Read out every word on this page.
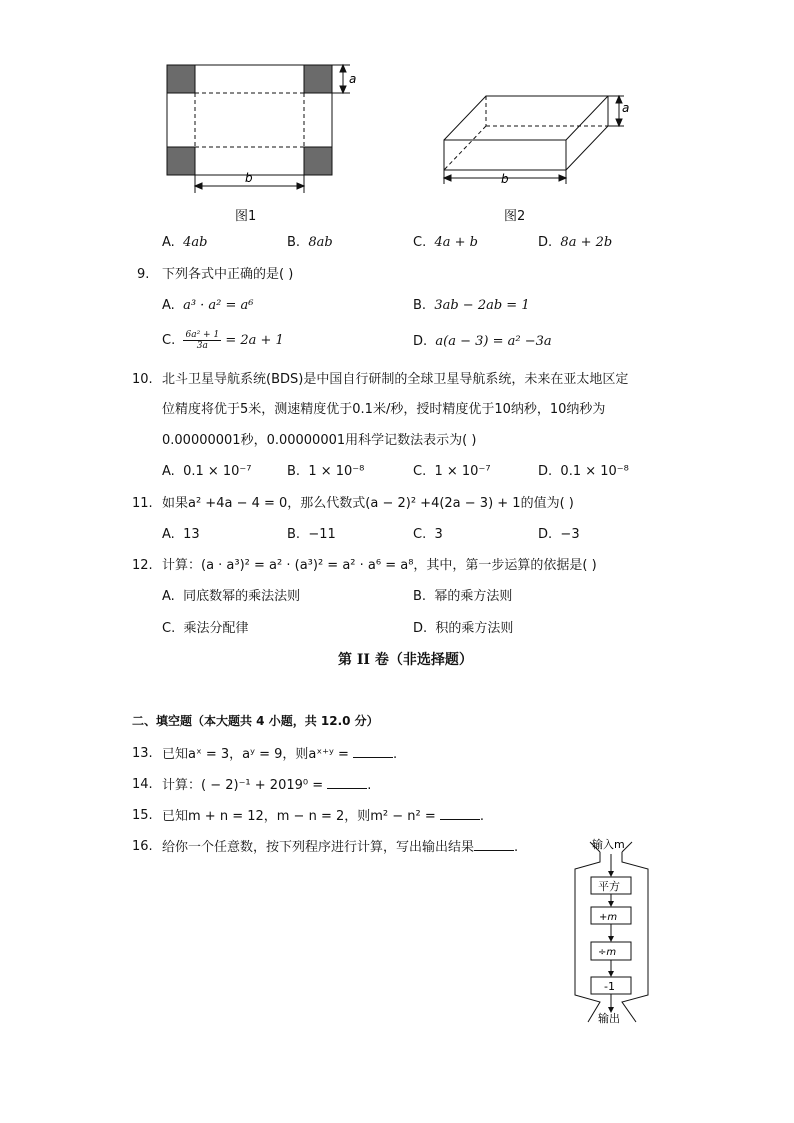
b
a
图1
a
b
图2
A. 4ab	B. 8ab	C. 4a + b	D. 8a + 2b
9. 下列各式中正确的是( )
A. a³ · a² = a⁶	B. 3ab − 2ab = 1
C. $\frac{\text{6a² + 1}}{3a} = 2a + 1$	D. a(a − 3) = a² −3a
10. 北斗卫星导航系统(BDS)是中国自行研制的全球卫星导航系统，未来在亚太地区定
位精度将优于5米，测速精度优于0.1米/秒，授时精度优于10纳秒，10纳秒为
0.00000001秒，0.00000001用科学记数法表示为( )
A. 0.1 × 10⁻⁷	B. 1 × 10⁻⁸	C. 1 × 10⁻⁷	D. 0.1 × 10⁻⁸
11. 如果a² +4a − 4 = 0，那么代数式(a − 2)² +4(2a − 3) + 1的值为( )
A. 13	B. −11	C. 3	D. −3
12. 计算：(a · a³)² = a² · (a³)² = a² · a⁶ = a⁸，其中，第一步运算的依据是( )
A. 同底数幂的乘法法则	B. 幂的乘方法则
C. 乘法分配律	D. 积的乘方法则
第 II 卷（非选择题）
二、填空题（本大题共 4 小题，共 12.0 分）
13. 已知aˣ = 3，aʸ = 9，则aˣ⁺ʸ =	.
14. 计算：( − 2)⁻¹ + 2019⁰ =	.
15. 已知m + n = 12，m − n = 2，则m² − n² =	.
16. 给你一个任意数，按下列程序进行计算，写出输出结果	.	输入m
平方
+m
÷m
-1
输出
